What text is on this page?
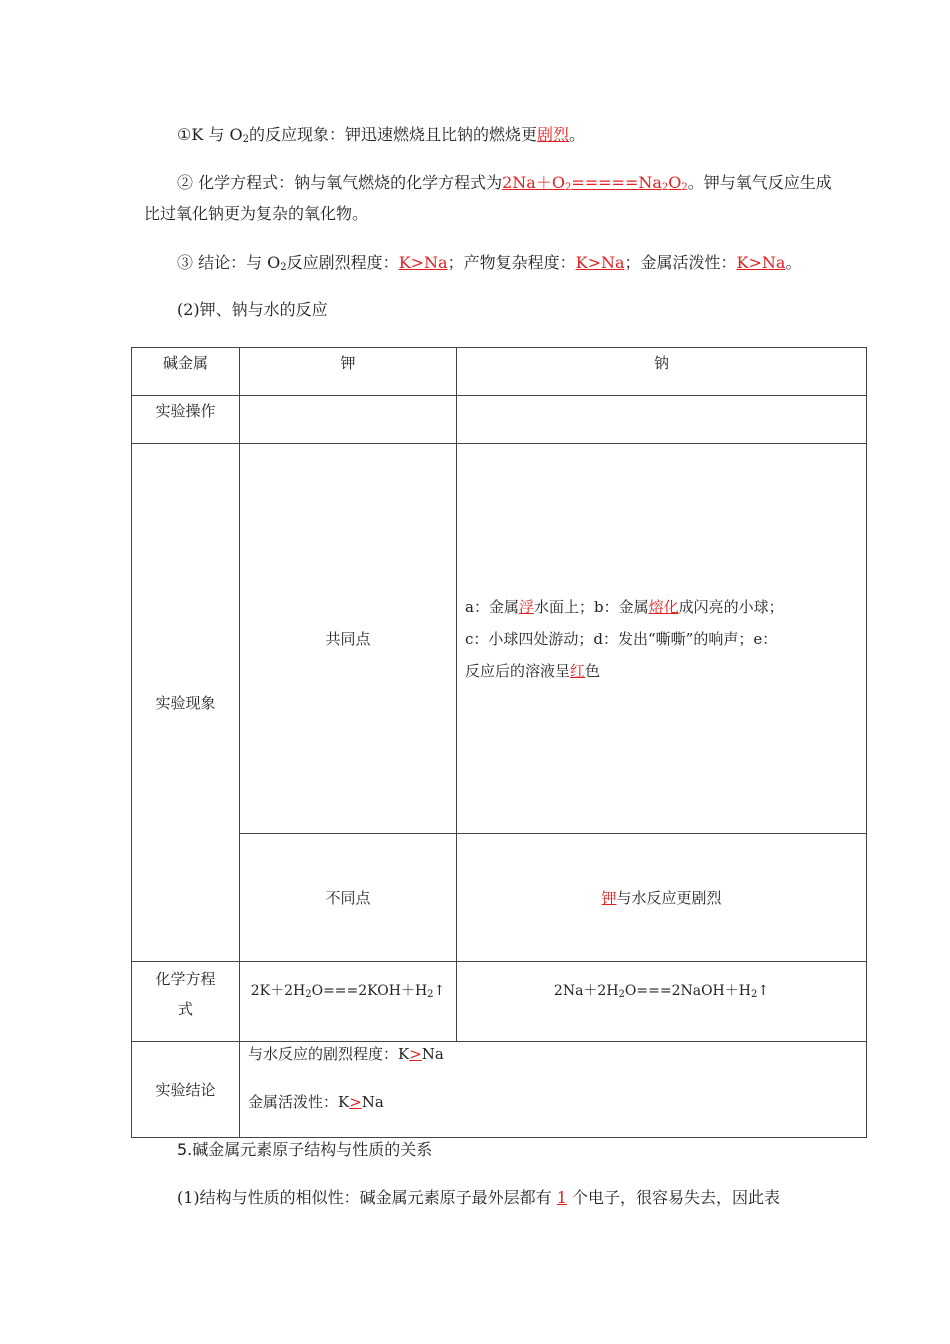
①K 与 $O_2$的反应现象：钾迅速燃烧且比钠的燃烧更剧烈。
② 化学方程式：钠与氧气燃烧的化学方程式为$2Na+O_2=====Na_2O_2$。钾与氧气反应生成
比过氧化钠更为复杂的氧化物。
③ 结论：与 $O_2$反应剧烈程度：K>Na；产物复杂程度：K>Na；金属活泼性：K>Na。
(2)钾、钠与水的反应
碱金属	钾	钠
实验操作		
实验现象	共同点	a：金属浮水面上；b：金属熔化成闪亮的小球；
c：小球四处游动；d：发出“嘶嘶”的响声；e：
反应后的溶液呈红色

	不同点	钾与水反应更剧烈

化学方程
式	$2K+2H_2O===2KOH+H_2↑$	$2Na+2H_2O===2NaOH+H_2↑$
实验结论	与水反应的剧烈程度：K>Na
金属活泼性：K>Na	
5.碱金属元素原子结构与性质的关系
(1)结构与性质的相似性：碱金属元素原子最外层都有 1 个电子，很容易失去，因此表
